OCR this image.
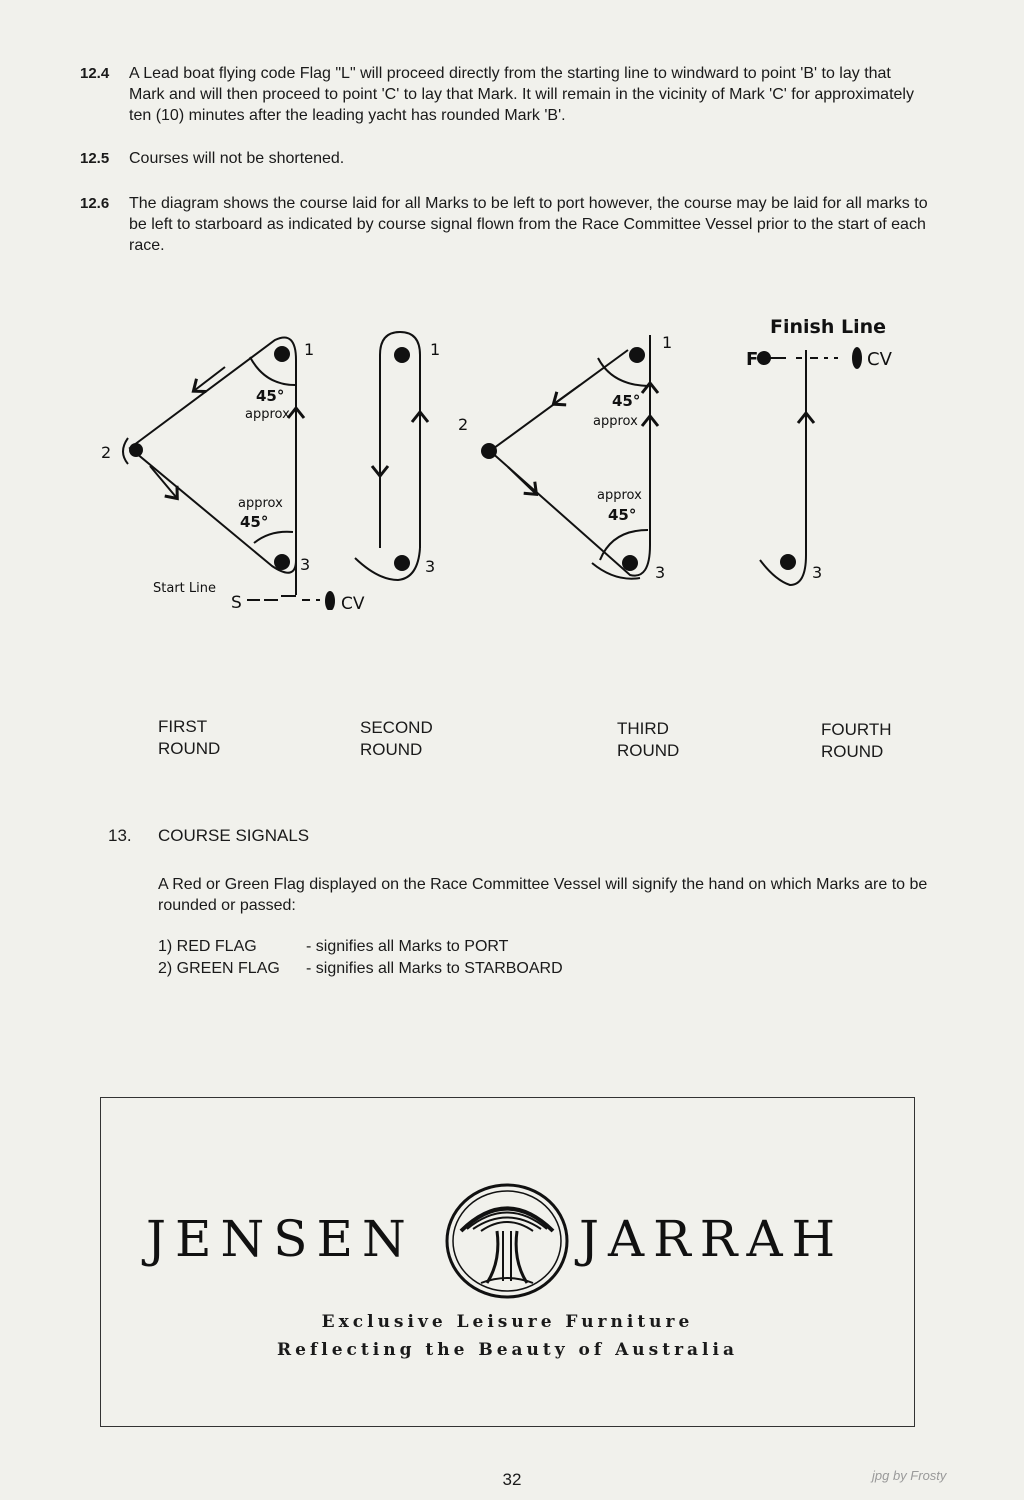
12.4 A Lead boat flying code Flag "L" will proceed directly from the starting line to windward to point 'B' to lay that Mark and will then proceed to point 'C' to lay that Mark. It will remain in the vicinity of Mark 'C' for approximately ten (10) minutes after the leading yacht has rounded Mark 'B'.
12.5 Courses will not be shortened.
12.6 The diagram shows the course laid for all Marks to be left to port however, the course may be laid for all marks to be left to starboard as indicated by course signal flown from the Race Committee Vessel prior to the start of each race.
1
2
3
45°
approx
approx
45°
Start Line
S	CV
1
3
1
2
3
45°
approx
approx
45°
Finish Line
F	CV
3
FIRST
ROUND
SECOND
ROUND
THIRD
ROUND
FOURTH
ROUND
13. COURSE SIGNALS
A Red or Green Flag displayed on the Race Committee Vessel will signify the hand on which Marks are to be rounded or passed:
1) RED FLAG	- signifies all Marks to PORT
2) GREEN FLAG - signifies all Marks to STARBOARD
JENSEN	JARRAH
Exclusive Leisure Furniture
Reflecting the Beauty of Australia
32	jpg by Frosty
